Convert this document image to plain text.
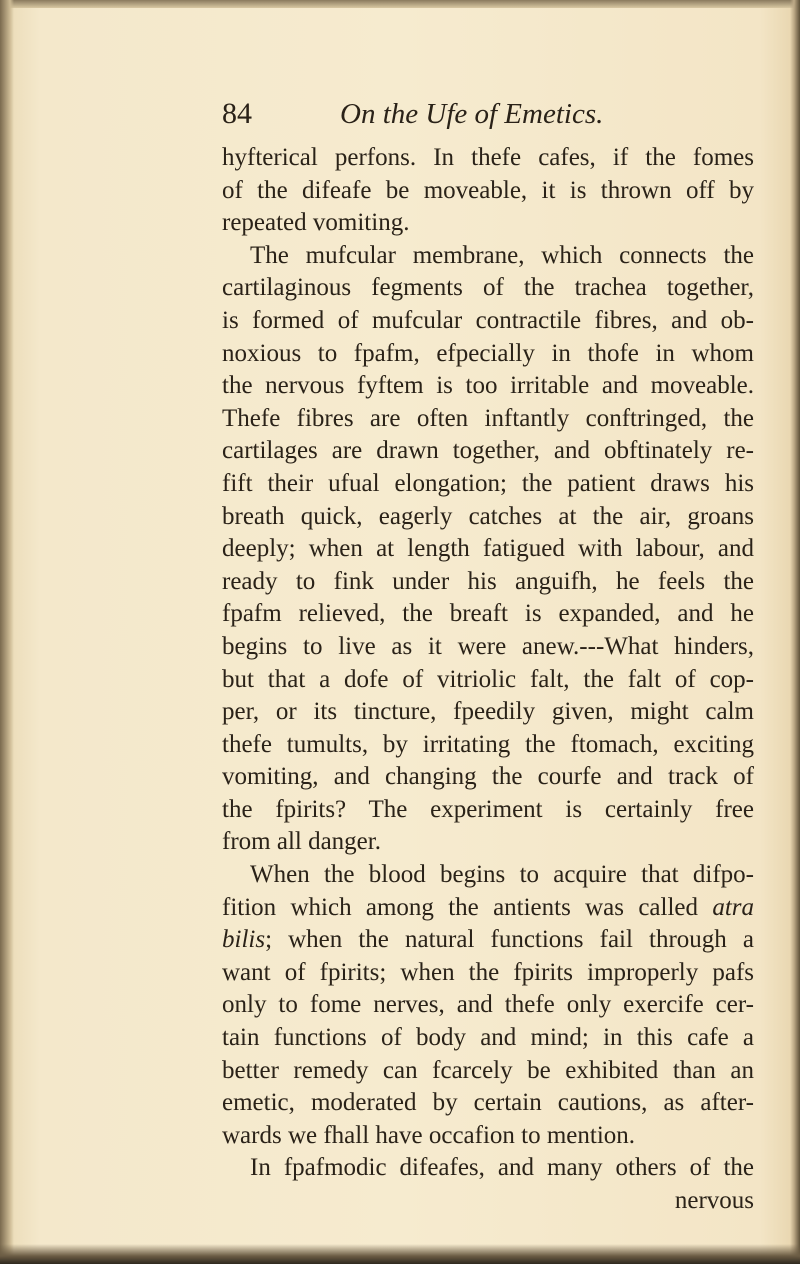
84	On the Ufe of Emetics.
hyfterical perfons. In thefe cafes, if the fomes
of the difeafe be moveable, it is thrown off by
repeated vomiting.
The mufcular membrane, which connects the
cartilaginous fegments of the trachea together,
is formed of mufcular contractile fibres, and ob-
noxious to fpafm, efpecially in thofe in whom
the nervous fyftem is too irritable and moveable.
Thefe fibres are often inftantly conftringed, the
cartilages are drawn together, and obftinately re-
fift their ufual elongation; the patient draws his
breath quick, eagerly catches at the air, groans
deeply; when at length fatigued with labour, and
ready to fink under his anguifh, he feels the
fpafm relieved, the breaft is expanded, and he
begins to live as it were anew.---What hinders,
but that a dofe of vitriolic falt, the falt of cop-
per, or its tincture, fpeedily given, might calm
thefe tumults, by irritating the ftomach, exciting
vomiting, and changing the courfe and track of
the fpirits? The experiment is certainly free
from all danger.
When the blood begins to acquire that difpo-
fition which among the antients was called atra
bilis; when the natural functions fail through a
want of fpirits; when the fpirits improperly pafs
only to fome nerves, and thefe only exercife cer-
tain functions of body and mind; in this cafe a
better remedy can fcarcely be exhibited than an
emetic, moderated by certain cautions, as after-
wards we fhall have occafion to mention.
In fpafmodic difeafes, and many others of the
nervous
